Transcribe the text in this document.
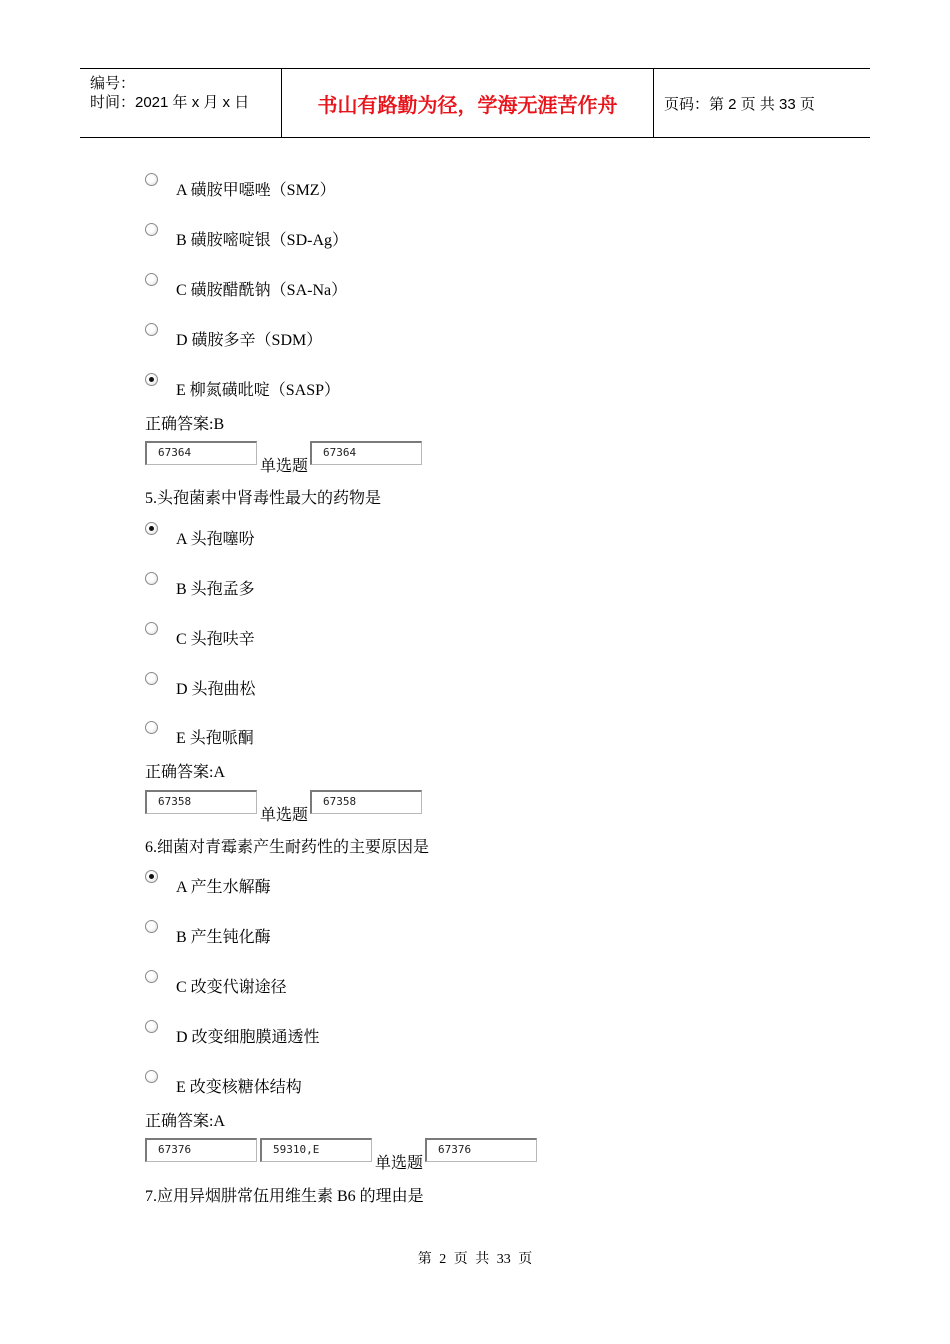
编号：
时间：2021 年 x 月 x 日	书山有路勤为径，学海无涯苦作舟	页码：第 2 页 共 33 页
A 磺胺甲噁唑（SMZ）
B 磺胺嘧啶银（SD-Ag）
C 磺胺醋酰钠（SA-Na）
D 磺胺多辛（SDM）
E 柳氮磺吡啶（SASP）
正确答案:B
67364
单选题
67364
5.头孢菌素中肾毒性最大的药物是
A 头孢噻吩
B 头孢孟多
C 头孢呋辛
D 头孢曲松
E 头孢哌酮
正确答案:A
67358
单选题
67358
6.细菌对青霉素产生耐药性的主要原因是
A 产生水解酶
B 产生钝化酶
C 改变代谢途径
D 改变细胞膜通透性
E 改变核糖体结构
正确答案:A
67376	59310,E
单选题
67376
7.应用异烟肼常伍用维生素 B6 的理由是
第 2 页 共 33 页
